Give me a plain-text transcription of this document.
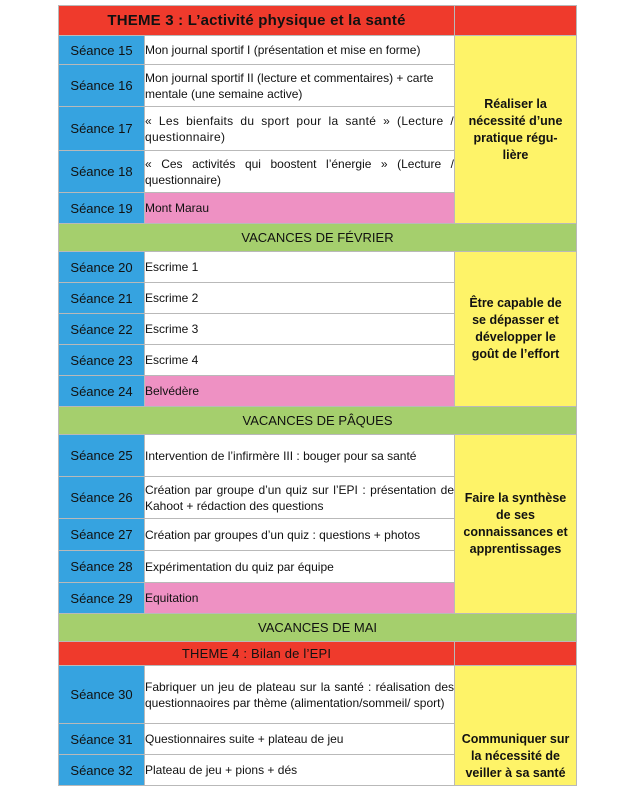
THEME 3 : L’activité physique et la santé		
Séance 15	Mon journal sportif I (présentation et mise en forme)	Réaliser la
nécessité d’une
pratique régu-
lière

Séance 16	Mon journal sportif II (lecture et commentaires) + carte mentale (une semaine active)	
Séance 17	« Les bienfaits du sport pour la santé » (Lecture / questionnaire)	
Séance 18	« Ces activités qui boostent l’énergie » (Lecture / questionnaire)	
Séance 19	Mont Marau	
VACANCES DE FÉVRIER		
Séance 20	Escrime 1	Être capable de
se dépasser et
développer le
goût de l’effort

Séance 21	Escrime 2	
Séance 22	Escrime 3	
Séance 23	Escrime 4	
Séance 24	Belvédère	
VACANCES DE PÂQUES		
Séance 25	Intervention de l’infirmère III : bouger pour sa santé	Faire la synthèse
de ses
connaissances et
apprentissages

Séance 26	Création par groupe d’un quiz sur l’EPI : présentation de Kahoot + rédaction des questions	
Séance 27	Création par groupes d’un quiz : questions + photos	
Séance 28	Expérimentation du quiz par équipe	
Séance 29	Equitation	
VACANCES DE MAI		
THEME 4 : Bilan de l’EPI		
Séance 30	Fabriquer un jeu de plateau sur la santé : réalisation des questionnaoires par thème (alimentation/sommeil/ sport)	Communiquer sur
la nécessité de
veiller à sa santé

Séance 31	Questionnaires suite + plateau de jeu	
Séance 32	Plateau de jeu + pions + dés	
